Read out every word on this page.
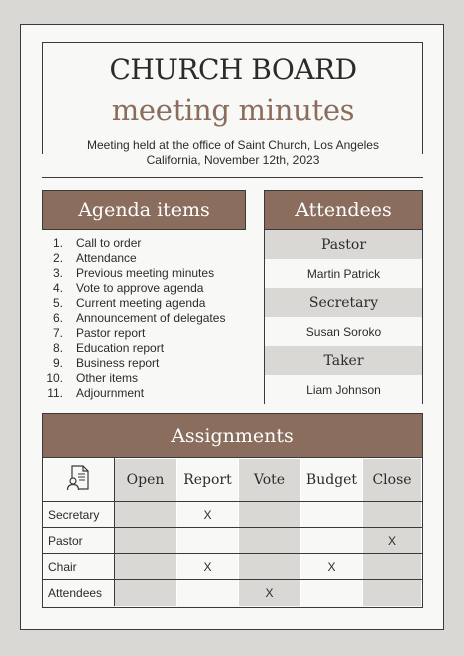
CHURCH BOARD
meeting minutes
Meeting held at the office of Saint Church, Los Angeles
California, November 12th, 2023
Agenda items
1.	Call to order
2.	Attendance
3.	Previous meeting minutes
4.	Vote to approve agenda
5.	Current meeting agenda
6.	Announcement of delegates
7.	Pastor report
8.	Education report
9.	Business report
10.	Other items
11.	Adjournment
Attendees
Pastor
Martin Patrick
Secretary
Susan Soroko
Taker
Liam Johnson
Assignments
	Open	Report	Vote	Budget	Close
Secretary		X			
Pastor					X
Chair		X		X	
Attendees			X		
